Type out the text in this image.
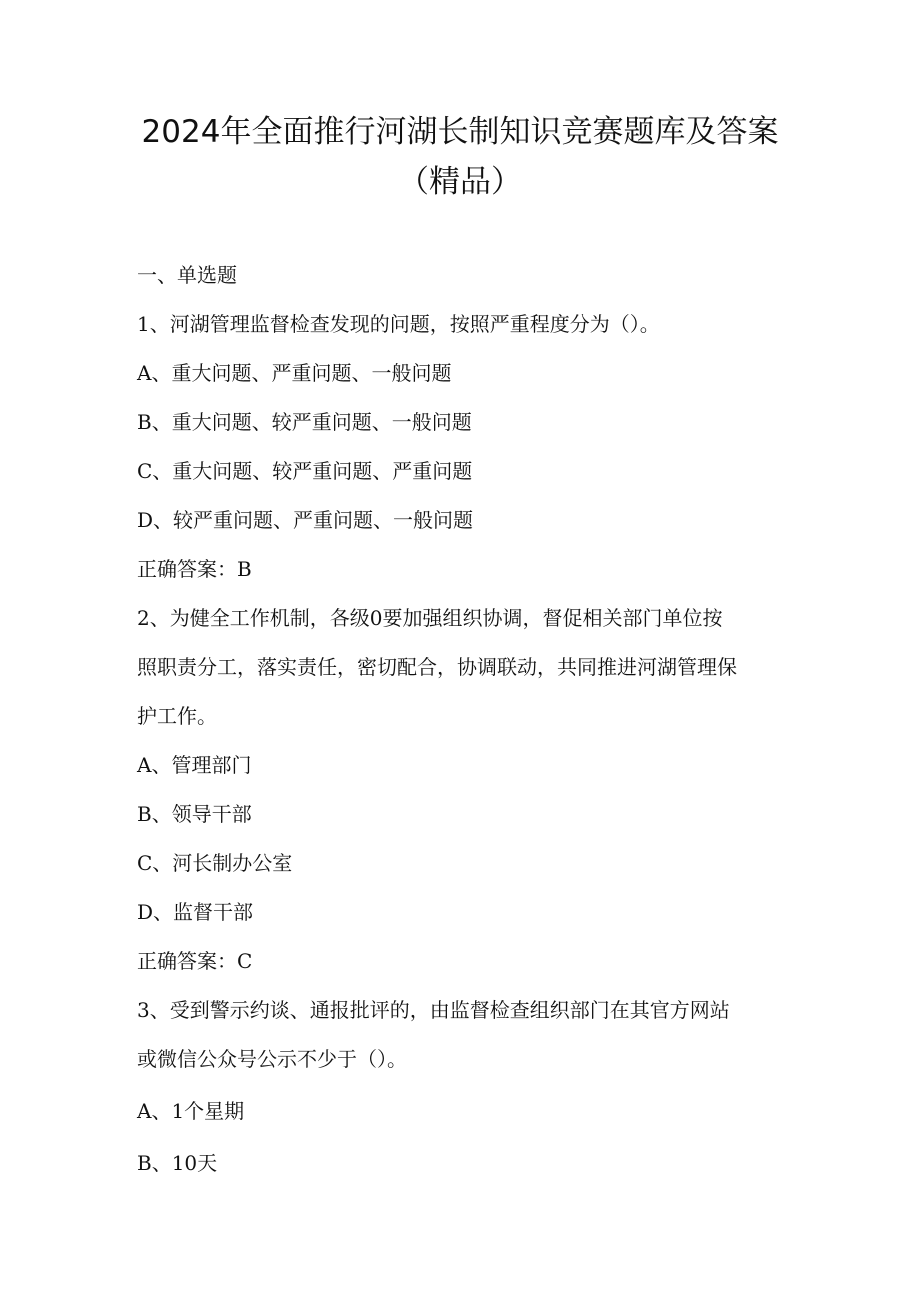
2024年全面推行河湖长制知识竞赛题库及答案
（精品）

一、单选题

1、河湖管理监督检查发现的问题，按照严重程度分为（）。

A、重大问题、严重问题、一般问题

B、重大问题、较严重问题、一般问题

C、重大问题、较严重问题、严重问题

D、较严重问题、严重问题、一般问题

正确答案：B

2、为健全工作机制，各级0要加强组织协调，督促相关部门单位按

照职责分工，落实责任，密切配合，协调联动，共同推进河湖管理保

护工作。

A、管理部门

B、领导干部

C、河长制办公室

D、监督干部

正确答案：C

3、受到警示约谈、通报批评的，由监督检查组织部门在其官方网站

或微信公众号公示不少于（）。

A、1个星期

B、10天
